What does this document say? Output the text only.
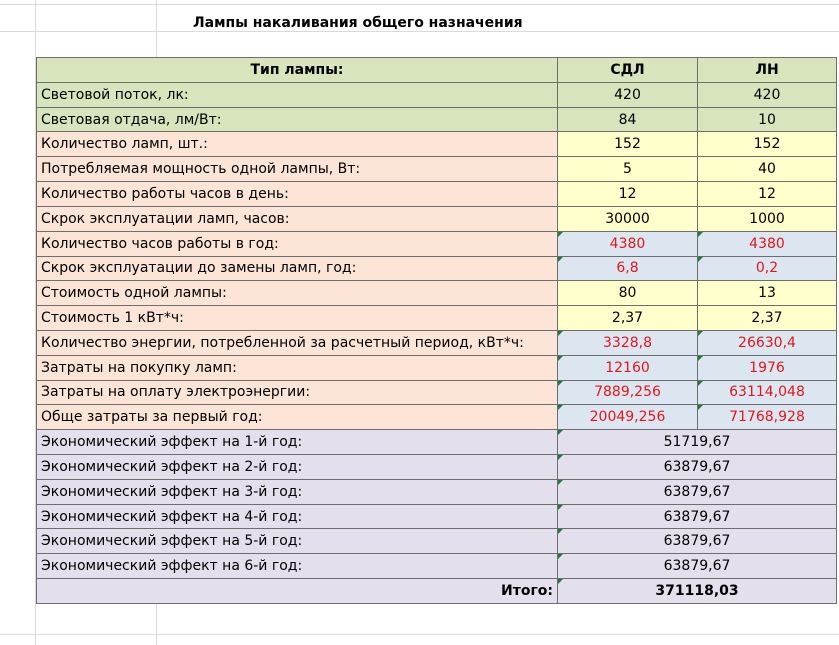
Лампы накаливания общего назначения
Тип лампы:	СДЛ	ЛН
Световой поток, лк:	420	420
Световая отдача, лм/Вт:	84	10
Количество ламп, шт.:	152	152
Потребляемая мощность одной лампы, Вт:	5	40
Количество работы часов в день:	12	12
Скрок эксплуатации ламп, часов:	30000	1000
Количество часов работы в год:	4380	4380
Скрок эксплуатации до замены ламп, год:	6,8	0,2
Стоимость одной лампы:	80	13
Стоимость 1 кВт*ч:	2,37	2,37
Количество энергии, потребленной за расчетный период, кВт*ч:	3328,8	26630,4
Затраты на покупку ламп:	12160	1976
Затраты на оплату электроэнергии:	7889,256	63114,048
Обще затраты за первый год:	20049,256	71768,928
Экономический эффект на 1-й год:	51719,67	
Экономический эффект на 2-й год:	63879,67	
Экономический эффект на 3-й год:	63879,67	
Экономический эффект на 4-й год:	63879,67	
Экономический эффект на 5-й год:	63879,67	
Экономический эффект на 6-й год:	63879,67	
Итого:	371118,03	
